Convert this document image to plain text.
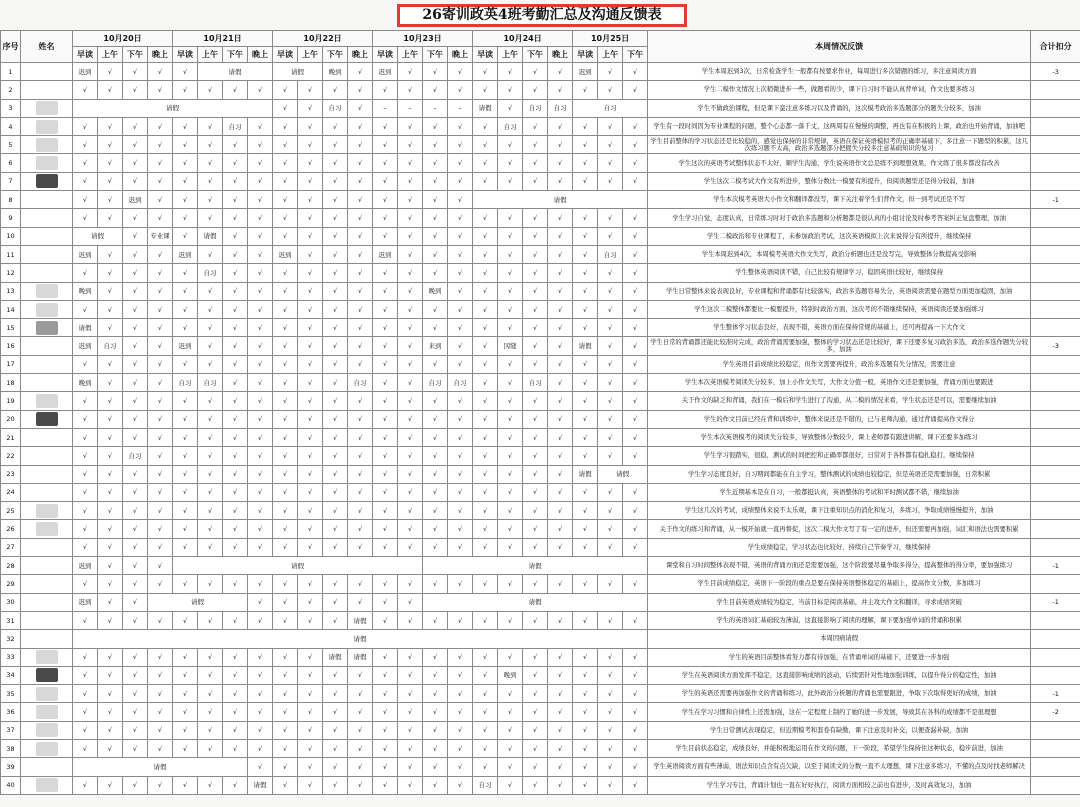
26寄训政英4班考勤汇总及沟通反馈表
序号	姓名	10月20日				10月21日				10月22日				10月23日				10月24日				10月25日			本周情况反馈	合计扣分
		早读	上午	下午	晚上	早读	上午	下午	晚上	早读	上午	下午	晚上	早读	上午	下午	晚上	早读	上午	下午	晚上	早读	上午	下午		
1		迟到	√	√	√	√	请假			请假		晚到	√	迟到	√	√	√	√	√	√	√	迟到	√	√	学生本周迟到3次，日常检查学生一般都有按要求作业，每周进行多次错题的练习，多注意阅读方面	-3
2		√	√	√	√	√	√	√	√	√	√	√	√	√	√	√	√	√	√	√	√	√	√	√	学生二模作文情况上次稍微进步一些，做题看的少，课下自习时不能认真背单词，作文也要多练习	
3		请假								√	√	自习	√	–	–	–	–	请假	√	自习	自习	自习			学生不做政治课程，但是课下蛮注意多练习以及背诵的，这次模考政治多选题部分的题失分较多，加油	
4		√	√	√	√	√	√	自习	√	√	√	√	√	√	√	√	√	√	自习	√	√	√	√	√	学生有一段时间因为专业课程的问题，整个心态都一落千丈，这两周有在慢慢的调整，再也有在积极的上课，政治也开始背诵，加油吧	
5		√	√	√	√	√	√	√	√	√	√	√	√	√	√	√	√	√	√	√	√	√	√	√	学生目前整体的学习状态还是比较稳的，感觉也保持的非常规律，英语在保证英语模拟考的正确率基础下，多注意一下题型的积累，这几次练习题不太高，政治多选题部分把握失分较多注意基础知识的复习	
6		√	√	√	√	√	√	√	√	√	√	√	√	√	√	√	√	√	√	√	√	√	√	√	学生这次的英语考试整体状态不太好，顺学生沟通，学生说英语作文总是练不到理想效果，作文练了很多都没有改善	
7		√	√	√	√	√	√	√	√	√	√	√	√	√	√	√	√	√	√	√	√	√	√	√	学生这次二模考试大作文有所进步，整体分数比一模要有所提升，但阅读题型还是得分较弱，加油	
8		√	√	迟到	√	√	√	√	√	√	√	√	√	√	√	√	√	请假							学生本次模考英语大小作文和翻译都没写，课下关注着学生们背作文，但一到考试还是不写	-1
9		√	√	√	√	√	√	√	√	√	√	√	√	√	√	√	√	√	√	√	√	√	√	√	学生学习自觉，态度认真，日常练习时对于政治多选题和分析题都是很认真的小组讨论及时参考答案纠正复盘整理，加油	
10		请假		√	专业课	√	请假	√	√	√	√	√	√	√	√	√	√	√	√	√	√	√	√	√	学生二模政治和专业课程了，未参加政治考试，这次英语模拟上次来说得分有所提升，继续保持	
11		迟到	√	√	√	迟到	√	√	√	迟到	√	√	√	迟到	√	√	√	√	√	√	√	√	自习	√	学生本周迟到4次，本周模考英语大作文失写，政治分析题也还是没写完，导致整体分数提高受影响	
12		√	√	√	√	√	自习	√	√	√	√	√	√	√	√	√	√	√	√	√	√	√	√	√	学生整体英语阅读不错，自己比较有规律学习，稳固英语比较好，继续保持	
13		晚到	√	√	√	√	√	√	√	√	√	√	√	√	√	晚到	√	√	√	√	√	√	√	√	学生日常整体来说表现良好，专业课程和背诵都有比较落实，政治多选题容易失分，英语阅读需要在题型方面更加稳固，加油	
14		√	√	√	√	√	√	√	√	√	√	√	√	√	√	√	√	√	√	√	√	√	√	√	学生这次二模整体都要比一模要提升，特别时政治方面，这次考的不错继续保持，英语阅读还要加强练习	
15		请假	√	√	√	√	√	√	√	√	√	√	√	√	√	√	√	√	√	√	√	√	√	√	学生整体学习状态良好，表现不错，英语方面在保持常规的基础上，还可再提高一下大作文	
16		迟到	自习	√	√	迟到	√	√	√	√	√	√	√	√	√	来到	√	√	冈缝	√	√	请假	√	√	学生日常的背诵都还能比较准时完成，政治背诵需要加强，整体的学习状态还是比较好，课下还要多复习政治多选，政治多选作题失分较多，加油	-3
17		√	√	√	√	√	√	√	√	√	√	√	√	√	√	√	√	√	√	√	√	√	√	√	学生英语目前成绩比较稳定，但作文需要再提升，政治多选题有失分情况，需要注意	
18		晚到	√	√	√	自习	自习	√	√	√	√	√	自习	√	√	自习	自习	√	√	自习	√	√	√	√	学生本次英语模考阅读失分较多，加上小作文失写，大作文分值一般，英语作文还是要加强，背诵方面也要跟进	
19		√	√	√	√	√	√	√	√	√	√	√	√	√	√	√	√	√	√	√	√	√	√	√	关于作文的缺乏和背诵，我们在一模后和学生进行了沟通，从二模的情况来看，学生状态还是可以，需要继续加油	
20		√	√	√	√	√	√	√	√	√	√	√	√	√	√	√	√	√	√	√	√	√	√	√	学生的作文目前已经在背和训练中，整体来说还是不错的，已与老师沟通，通过背诵提高作文得分	
21		√	√	√	√	√	√	√	√	√	√	√	√	√	√	√	√	√	√	√	√	√	√	√	学生本次英语模考的阅读失分较多，导致整体分数较少，课上老师都有跟进讲解，课下还要多加练习	
22		√	√	自习	√	√	√	√	√	√	√	√	√	√	√	√	√	√	√	√	√	√	√	√	学生学习很踏实，很稳，测试的时间把控和正确率都很好，日常对于各科都有稳扎稳打，继续保持	
23		√	√	√	√	√	√	√	√	√	√	√	√	√	√	√	√	√	√	√	√	请假	请假		学生学习态度良好，自习期间都能在自主学习，整体测试的成绩也较稳定，但是英语还是需要加强，日常积累	
24		√	√	√	√	√	√	√	√	√	√	√	√	√	√	√	√	√	√	√	√	√	√	√	学生近期基本是在自习，一般都挺认真，英语整体的考试和平时测试都不错，继续加油	
25		√	√	√	√	√	√	√	√	√	√	√	√	√	√	√	√	√	√	√	√	√	√	√	学生这几次的考试，成绩整体来说不太乐观，课下注重知识点的消化和复习，多练习，争取成绩慢慢提升，加油	
26		√	√	√	√	√	√	√	√	√	√	√	√	√	√	√	√	√	√	√	√	√	√	√	关于作文的练习和背诵，从一模开始就一直再督促，这次二模大作文写了有一定的进步，但还需要再加强，词汇和语法也需要积累	
27		√	√	√	√	√	√	√	√	√	√	√	√	√	√	√	√	√	√	√	√	√	√	√	学生成绩稳定，学习状态也比较好，持续自己节奏学习，继续保持	
28		迟到	√	√	√	请假										请假									课堂和自习时间整体表现不错，英语的背诵方面还是需要加强，这个阶段要尽量争取多得分，提高整体的得分率，要加强练习	-1
29		√	√	√	√	√	√	√	√	√	√	√	√	√	√	√	√	√	√	√	√	√	√	√	学生目前成绩稳定，英语下一阶段的重点是要在保持英语整体稳定的基础上，提高作文分数，多加练习	
30		迟到	√	√	请假				√	√	√	√	√	√	√	请假									学生目前英语成绩较为稳定，当前目标是阅读基础，并主攻大作文和翻译，寻求成绩突破	-1
31		√	√	√	√	√	√	√	√	√	√	√	请假	√	√	√	√	√	√	√	√	√	√	√	学生的英语词汇基础较为薄弱，这直接影响了阅读的理解，课下要加强单词的背诵和积累	
32		请假																							本周因病请假	
33		√	√	√	√	√	√	√	√	√	√	请假	请假	√	√	√	√	√	√	√	√	√	√	√	学生的英语目前整体看努力都有待加强，在背诵单词的基础下，还要进一步加强	
34		√	√	√	√	√	√	√	√	√	√	√	√	√	√	√	√	√	晚到	√	√	√	√	√	学生在英语阅读方面发挥不稳定，这直接影响成绩的波动，后续需针对性地加强训练，以提升得分的稳定性，加油	
35		√	√	√	√	√	√	√	√	√	√	√	√	√	√	√	√	√	√	√	√	√	√	√	学生的英语还需要再加强作文的背诵和练习，此外政治分析题的背诵也需要跟进，争取下次取得更好的成绩，加油	-1
36		√	√	√	√	√	√	√	√	√	√	√	√	√	√	√	√	√	√	√	√	√	√	√	学生在学习习惯和自律性上还需加强，这在一定程度上制约了她的进一步发展，导致其在各科的成绩都不是很理想	-2
37		√	√	√	√	√	√	√	√	√	√	√	√	√	√	√	√	√	√	√	√	√	√	√	学生日常测试表现稳定，但近期模考和套卷有缺勤，课下注意及时补交，以便查漏补缺，加油	
38		√	√	√	√	√	√	√	√	√	√	√	√	√	√	√	√	√	√	√	√	√	√	√	学生目前状态稳定，成绩良好，并能积极地运用在作文的问题，下一阶段，希望学生保持住这种状态，稳步前进，加油	
39		请假							√	√	√	√	√	√	√	√	√	√	√	√	√	√	√	√	学生英语阅读方面有些薄弱，语法知识点含有点欠缺，以至于阅读文的分数一直不太理想，课下注意多练习，不懂的点及时找老师解决	
40		√	√	√	√	√	√	√	请假	√	√	√	√	√	√	√	√	自习	√	√	√	√	√	√	学生学习专注，背诵计划也一直在好好执行，阅读方面相较之前也有进步，及时高效复习，加油	
